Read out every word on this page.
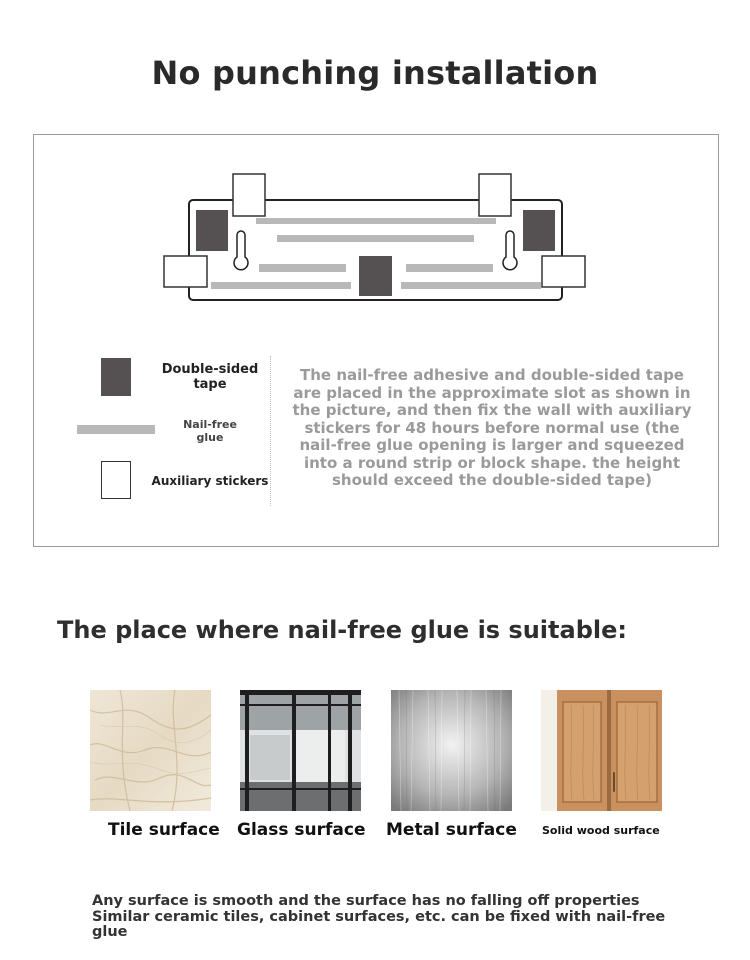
No punching installation
Double-sided tape
Nail-free glue
Auxiliary stickers
The nail-free adhesive and double-sided tape are placed in the approximate slot as shown in the picture, and then fix the wall with auxiliary stickers for 48 hours before normal use (the nail-free glue opening is larger and squeezed into a round strip or block shape. the height should exceed the double-sided tape)
The place where nail-free glue is suitable:
Tile surface Glass surface Metal surface Solid wood surface
Any surface is smooth and the surface has no falling off properties
Similar ceramic tiles, cabinet surfaces, etc. can be fixed with nail-free glue
